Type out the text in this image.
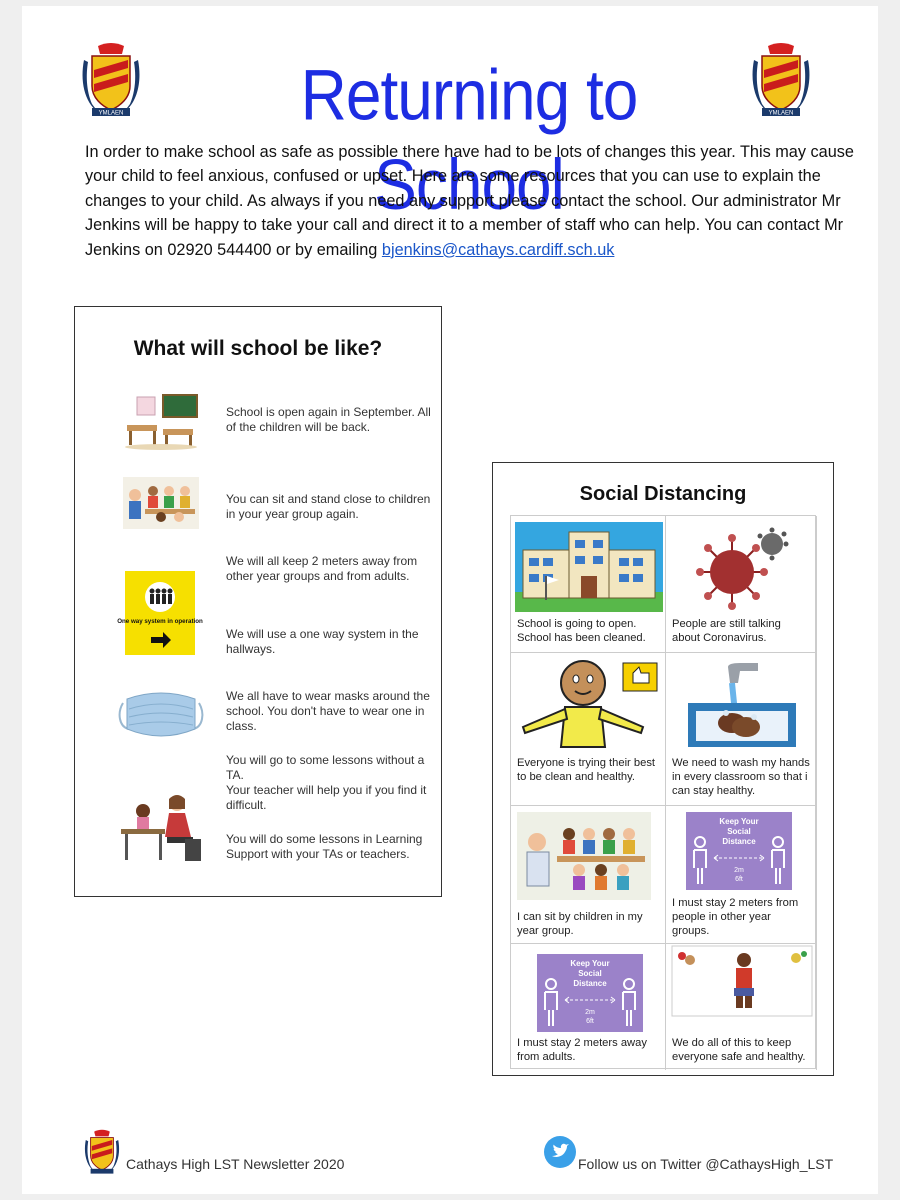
YMLAEN	YMLAEN
Returning to School

In order to make school as safe as possible there have had to be lots of changes this year. This may cause your child to feel anxious, confused or upset. Here are some resources that you can use to explain the changes to your child. As always if you need any support please contact the school. Our administrator Mr Jenkins will be happy to take your call and direct it to a member of staff who can help. You can contact Mr Jenkins on 02920 544400 or by emailing bjenkins@cathays.cardiff.sch.uk

What will school be like?
School is open again in September. All of the children will be back.
You can sit and stand close to children in your year group again.
We will all keep 2 meters away from other year groups and from adults.
One way system in operation
We will use a one way system in the hallways.
We all have to wear masks around the school. You don't have to wear one in class.
You will go to some lessons without a TA.
Your teacher will help you if you find it difficult.
You will do some lessons in Learning Support with your TAs or teachers.
Social Distancing
School is going to open. School has been cleaned.
People are still talking about Coronavirus.
Everyone is trying their best to be clean and healthy.
We need to wash my hands in every classroom so that i can stay healthy.
I can sit by children in my year group.
Keep Your
Social
Distance
2m
6ft
I must stay 2 meters from people in other year groups.
Keep Your
Social
Distance
2m
6ft
I must stay 2 meters away from adults.
We do all of this to keep everyone safe and healthy.
Cathays High LST Newsletter 2020	Follow us on Twitter @CathaysHigh_LST
